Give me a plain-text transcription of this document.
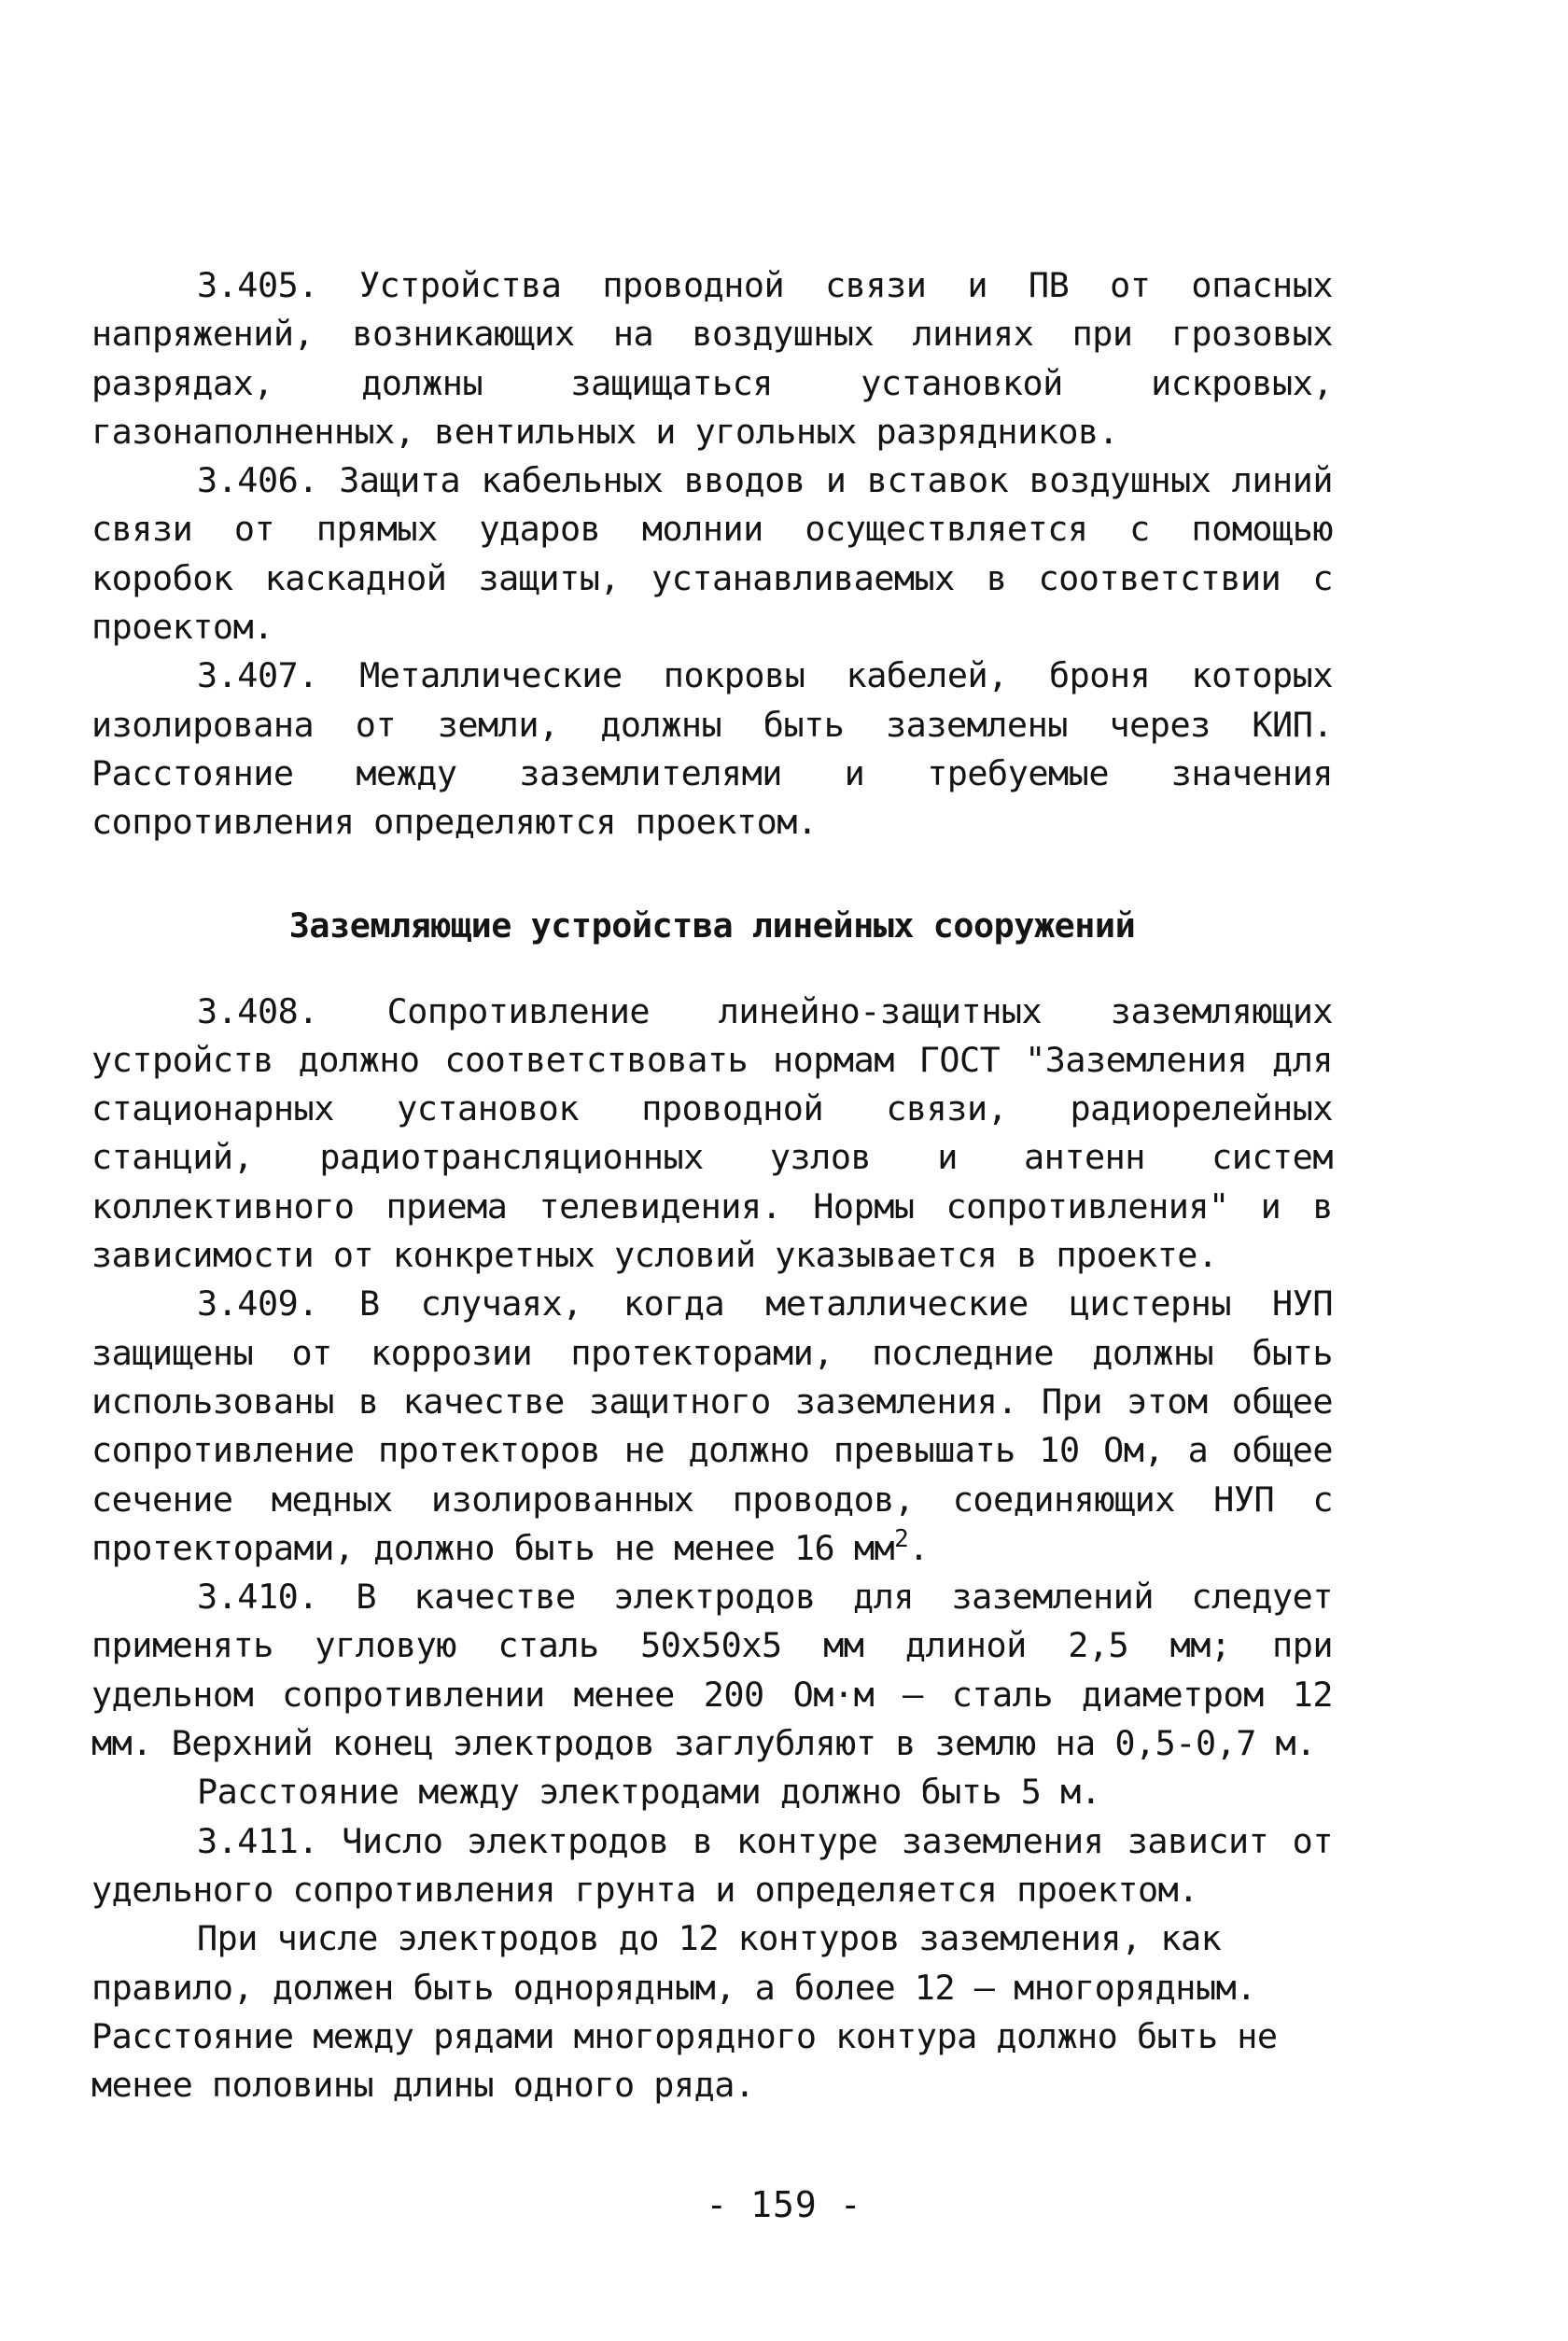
3.405. Устройства проводной связи и ПВ от опасных напряжений, возникающих на воздушных линиях при грозовых разрядах, должны защищаться установкой искровых, газонаполненных, вентильных и угольных разрядников.

3.406. Защита кабельных вводов и вставок воздушных линий связи от прямых ударов молнии осуществляется с помощью коробок каскадной защиты, устанавливаемых в соответствии с проектом.

3.407. Металлические покровы кабелей, броня которых изолирована от земли, должны быть заземлены через КИП. Расстояние между заземлителями и требуемые значения сопротивления определяются проектом.

Заземляющие устройства линейных сооружений

3.408. Сопротивление линейно-защитных заземляющих устройств должно соответствовать нормам ГОСТ "Заземления для стационарных установок проводной связи, радиорелейных станций, радиотрансляционных узлов и антенн систем коллективного приема телевидения. Нормы сопротивления" и в зависимости от конкретных условий указывается в проекте.

3.409. В случаях, когда металлические цистерны НУП защищены от коррозии протекторами, последние должны быть использованы в качестве защитного заземления. При этом общее сопротивление протекторов не должно превышать 10 Ом, а общее сечение медных изолированных проводов, соединяющих НУП с протекторами, должно быть не менее 16 $мм^2$.

3.410. В качестве электродов для заземлений следует применять угловую сталь 50х50х5 мм длиной 2,5 мм; при удельном сопротивлении менее 200 Ом·м – сталь диаметром 12 мм. Верхний конец электродов заглубляют в землю на 0,5-0,7 м.

Расстояние между электродами должно быть 5 м.

3.411. Число электродов в контуре заземления зависит от удельного сопротивления грунта и определяется проектом.

При числе электродов до 12 контуров заземления, как правило, должен быть однорядным, а более 12 – многорядным. Расстояние между рядами многорядного контура должно быть не менее половины длины одного ряда.

- 159 -
